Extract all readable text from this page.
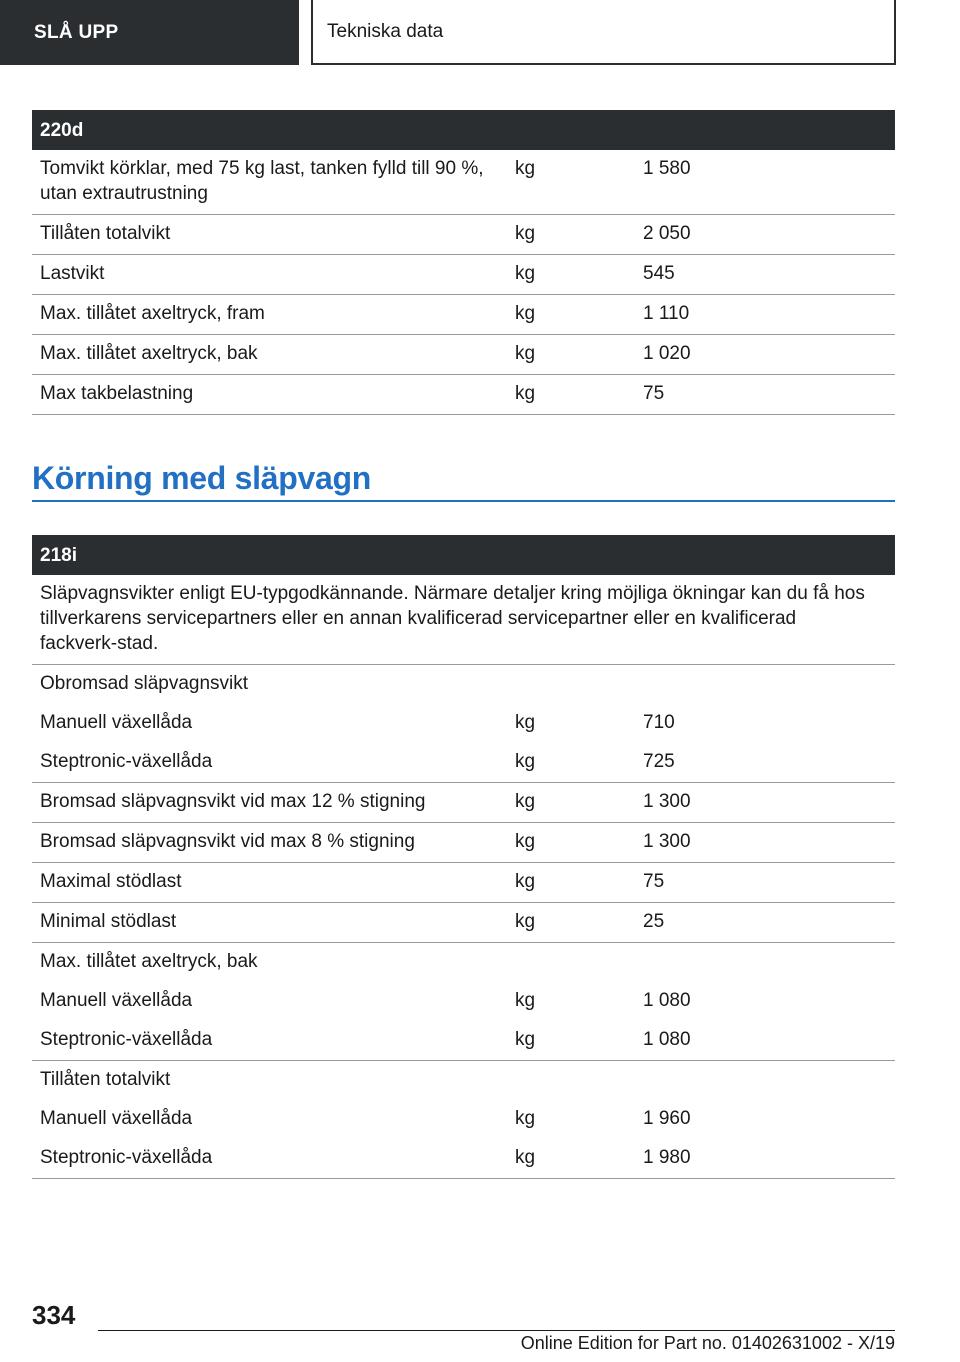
SLÅ UPP	Tekniska data
220d		
Tomvikt körklar, med 75 kg last, tanken fylld till 90 %, utan extrautrustning	kg	1 580
Tillåten totalvikt	kg	2 050
Lastvikt	kg	545
Max. tillåtet axeltryck, fram	kg	1 110
Max. tillåtet axeltryck, bak	kg	1 020
Max takbelastning	kg	75
Körning med släpvagn
218i		
Släpvagnsvikter enligt EU-typgodkännande. Närmare detaljer kring möjliga ökningar kan du få hos tillverkarens servicepartners eller en annan kvalificerad servicepartner eller en kvalificerad fackverk-stad.		
Obromsad släpvagnsvikt		
Manuell växellåda	kg	710
Steptronic-växellåda	kg	725
Bromsad släpvagnsvikt vid max 12 % stigning	kg	1 300
Bromsad släpvagnsvikt vid max 8 % stigning	kg	1 300
Maximal stödlast	kg	75
Minimal stödlast	kg	25
Max. tillåtet axeltryck, bak		
Manuell växellåda	kg	1 080
Steptronic-växellåda	kg	1 080
Tillåten totalvikt		
Manuell växellåda	kg	1 960
Steptronic-växellåda	kg	1 980
334
Online Edition for Part no. 01402631002 - X/19
